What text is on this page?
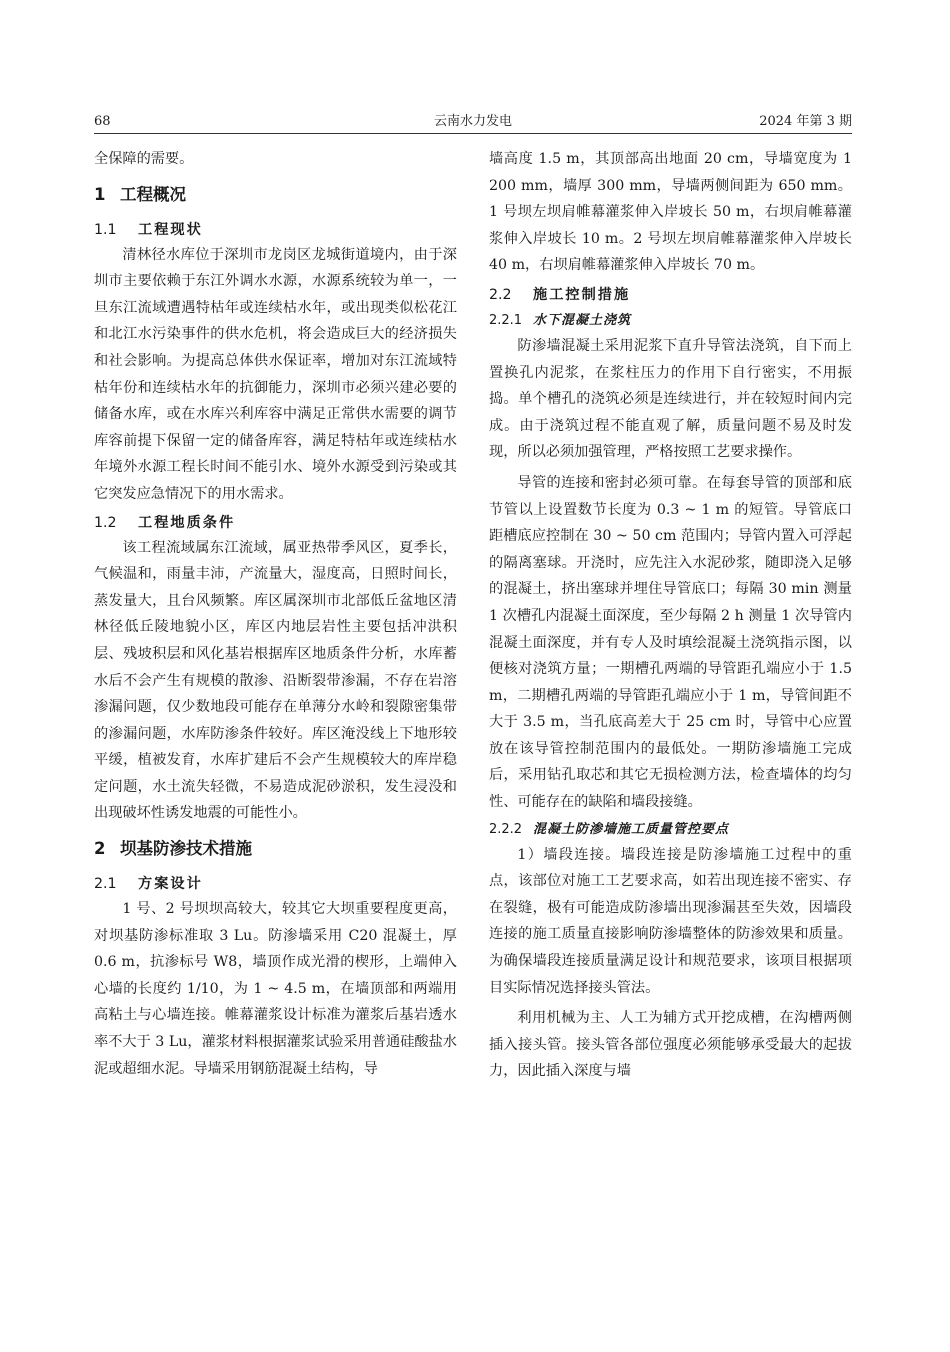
68	云南水力发电	2024 年第 3 期

全保障的需要。

1 工程概况
1.1 工程现状

清林径水库位于深圳市龙岗区龙城街道境内，由于深圳市主要依赖于东江外调水水源，水源系统较为单一，一旦东江流域遭遇特枯年或连续枯水年，或出现类似松花江和北江水污染事件的供水危机，将会造成巨大的经济损失和社会影响。为提高总体供水保证率，增加对东江流域特枯年份和连续枯水年的抗御能力，深圳市必须兴建必要的储备水库，或在水库兴利库容中满足正常供水需要的调节库容前提下保留一定的储备库容，满足特枯年或连续枯水年境外水源工程长时间不能引水、境外水源受到污染或其它突发应急情况下的用水需求。

1.2 工程地质条件

该工程流域属东江流域，属亚热带季风区，夏季长，气候温和，雨量丰沛，产流量大，湿度高，日照时间长，蒸发量大，且台风频繁。库区属深圳市北部低丘盆地区清林径低丘陵地貌小区，库区内地层岩性主要包括冲洪积层、残坡积层和风化基岩根据库区地质条件分析，水库蓄水后不会产生有规模的散渗、沿断裂带渗漏，不存在岩溶渗漏问题，仅少数地段可能存在单薄分水岭和裂隙密集带的渗漏问题，水库防渗条件较好。库区淹没线上下地形较平缓，植被发育，水库扩建后不会产生规模较大的库岸稳定问题，水土流失轻微，不易造成泥砂淤积，发生浸没和出现破坏性诱发地震的可能性小。

2 坝基防渗技术措施
2.1 方案设计

1 号、2 号坝坝高较大，较其它大坝重要程度更高，对坝基防渗标准取 3 Lu。防渗墙采用 C20 混凝土，厚 0.6 m，抗渗标号 W8，墙顶作成光滑的楔形，上端伸入心墙的长度约 1/10，为 1 ~ 4.5 m，在墙顶部和两端用高粘土与心墙连接。帷幕灌浆设计标准为灌浆后基岩透水率不大于 3 Lu，灌浆材料根据灌浆试验采用普通硅酸盐水泥或超细水泥。导墙采用钢筋混凝土结构，导

墙高度 1.5 m，其顶部高出地面 20 cm，导墙宽度为 1 200 mm，墙厚 300 mm，导墙两侧间距为 650 mm。1 号坝左坝肩帷幕灌浆伸入岸坡长 50 m，右坝肩帷幕灌浆伸入岸坡长 10 m。2 号坝左坝肩帷幕灌浆伸入岸坡长 40 m，右坝肩帷幕灌浆伸入岸坡长 70 m。

2.2 施工控制措施
2.2.1 水下混凝土浇筑

防渗墙混凝土采用泥浆下直升导管法浇筑，自下而上置换孔内泥浆，在浆柱压力的作用下自行密实，不用振捣。单个槽孔的浇筑必须是连续进行，并在较短时间内完成。由于浇筑过程不能直观了解，质量问题不易及时发现，所以必须加强管理，严格按照工艺要求操作。

导管的连接和密封必须可靠。在每套导管的顶部和底节管以上设置数节长度为 0.3 ~ 1 m 的短管。导管底口距槽底应控制在 30 ~ 50 cm 范围内；导管内置入可浮起的隔离塞球。开浇时，应先注入水泥砂浆，随即浇入足够的混凝土，挤出塞球并埋住导管底口；每隔 30 min 测量 1 次槽孔内混凝土面深度，至少每隔 2 h 测量 1 次导管内混凝土面深度，并有专人及时填绘混凝土浇筑指示图，以便核对浇筑方量；一期槽孔两端的导管距孔端应小于 1.5 m，二期槽孔两端的导管距孔端应小于 1 m，导管间距不大于 3.5 m，当孔底高差大于 25 cm 时，导管中心应置放在该导管控制范围内的最低处。一期防渗墙施工完成后，采用钻孔取芯和其它无损检测方法，检查墙体的均匀性、可能存在的缺陷和墙段接缝。

2.2.2 混凝土防渗墙施工质量管控要点

1）墙段连接。墙段连接是防渗墙施工过程中的重点，该部位对施工工艺要求高，如若出现连接不密实、存在裂缝，极有可能造成防渗墙出现渗漏甚至失效，因墙段连接的施工质量直接影响防渗墙整体的防渗效果和质量。为确保墙段连接质量满足设计和规范要求，该项目根据项目实际情况选择接头管法。

利用机械为主、人工为辅方式开挖成槽，在沟槽两侧插入接头管。接头管各部位强度必须能够承受最大的起拔力，因此插入深度与墙
